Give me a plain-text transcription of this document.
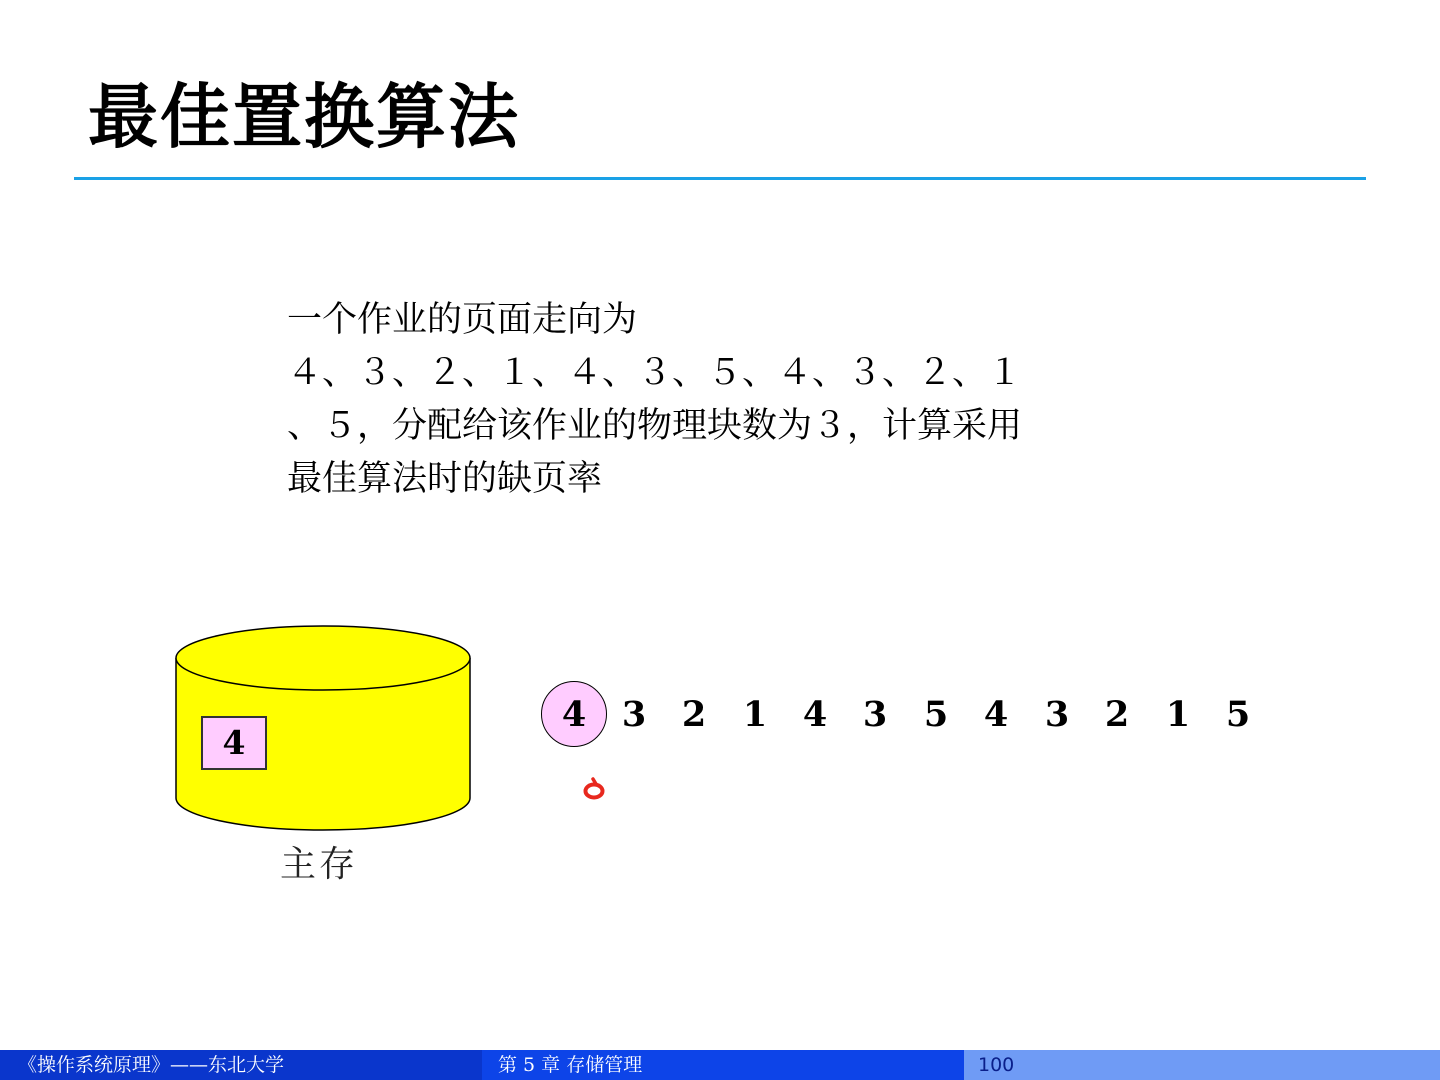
最佳置换算法
一个作业的页面走向为
４、３、２、１、４、３、５、４、３、２、１
、５，分配给该作业的物理块数为３，计算采用
最佳算法时的缺页率
4
主存
4 3 2 1 4 3 5 4 3 2 1 5
《操作系统原理》——东北大学	第 5 章 存储管理	100
